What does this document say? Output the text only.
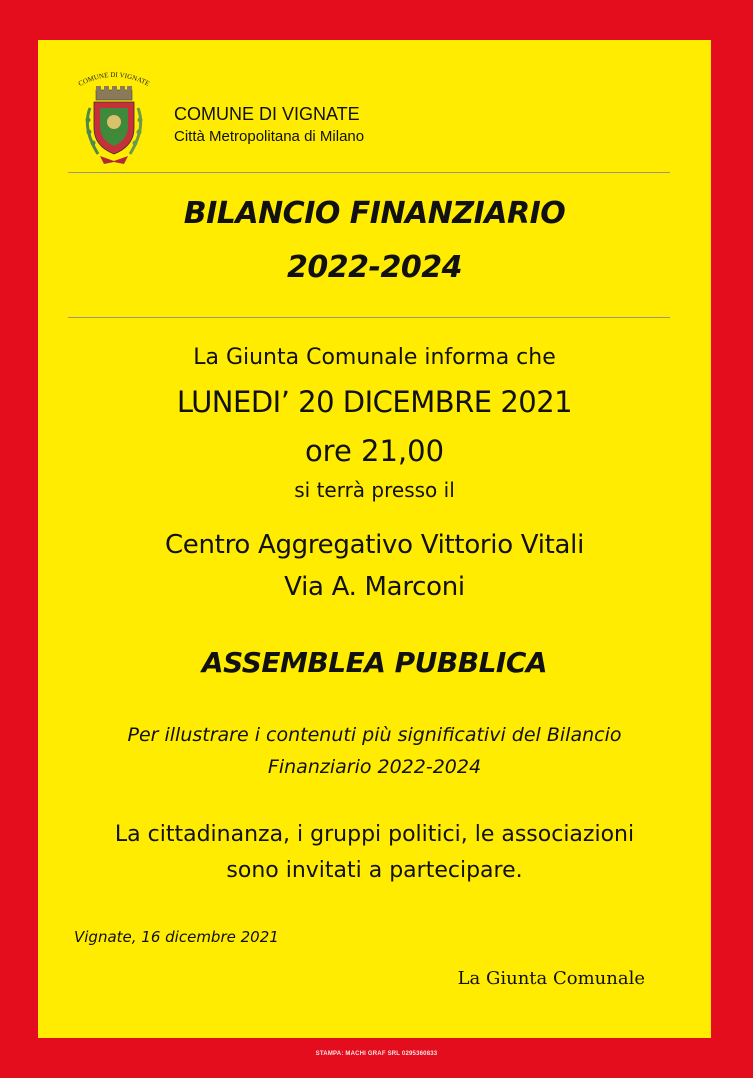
COMUNE DI VIGNATE
COMUNE DI VIGNATE
Città Metropolitana di Milano
BILANCIO FINANZIARIO
2022-2024
La Giunta Comunale informa che
LUNEDI’ 20 DICEMBRE 2021
ore 21,00
si terrà presso il
Centro Aggregativo Vittorio Vitali
Via A. Marconi
ASSEMBLEA PUBBLICA
Per illustrare i contenuti più significativi del Bilancio
Finanziario 2022-2024
La cittadinanza, i gruppi politici, le associazioni
sono invitati a partecipare.
Vignate, 16 dicembre 2021
La Giunta Comunale
STAMPA: MACHI GRAF SRL 0295360833
